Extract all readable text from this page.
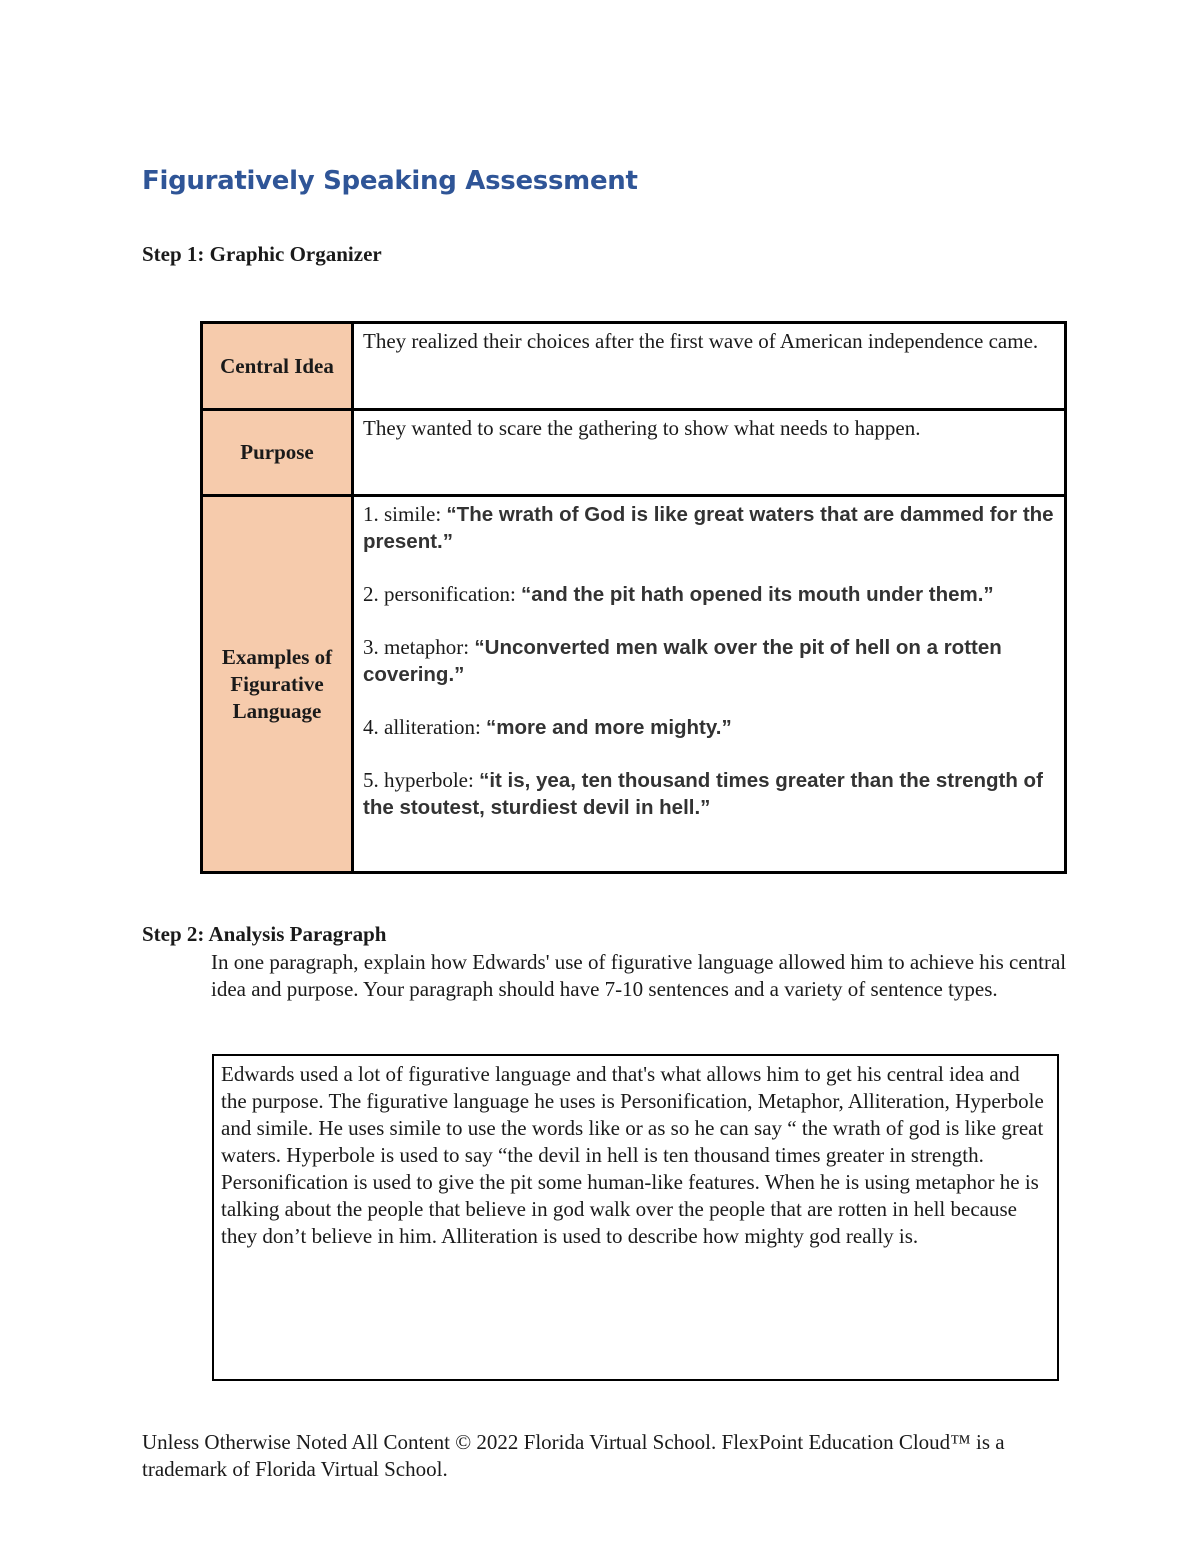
Figuratively Speaking Assessment
Step 1: Graphic Organizer
Central Idea	They realized their choices after the first wave of American independence came.
Purpose	They wanted to scare the gathering to show what needs to happen.
Examples of Figurative Language	1. simile: “The wrath of God is like great waters that are dammed for the present.”

2. personification: “and the pit hath opened its mouth under them.”

3. metaphor: “Unconverted men walk over the pit of hell on a rotten covering.”

4. alliteration: “more and more mighty.”

5. hyperbole: “it is, yea, ten thousand times greater than the strength of the stoutest, sturdiest devil in hell.”

Step 2: Analysis Paragraph
In one paragraph, explain how Edwards' use of figurative language allowed him to achieve his central idea and purpose. Your paragraph should have 7-10 sentences and a variety of sentence types.
Edwards used a lot of figurative language and that's what allows him to get his central idea and the purpose. The figurative language he uses is Personification, Metaphor, Alliteration, Hyperbole and simile. He uses simile to use the words like or as so he can say “ the wrath of god is like great waters. Hyperbole is used to say “the devil in hell is ten thousand times greater in strength. Personification is used to give the pit some human-like features. When he is using metaphor he is talking about the people that believe in god walk over the people that are rotten in hell because they don’t believe in him. Alliteration is used to describe how mighty god really is.
Unless Otherwise Noted All Content © 2022 Florida Virtual School. FlexPoint Education Cloud™ is a trademark of Florida Virtual School.
